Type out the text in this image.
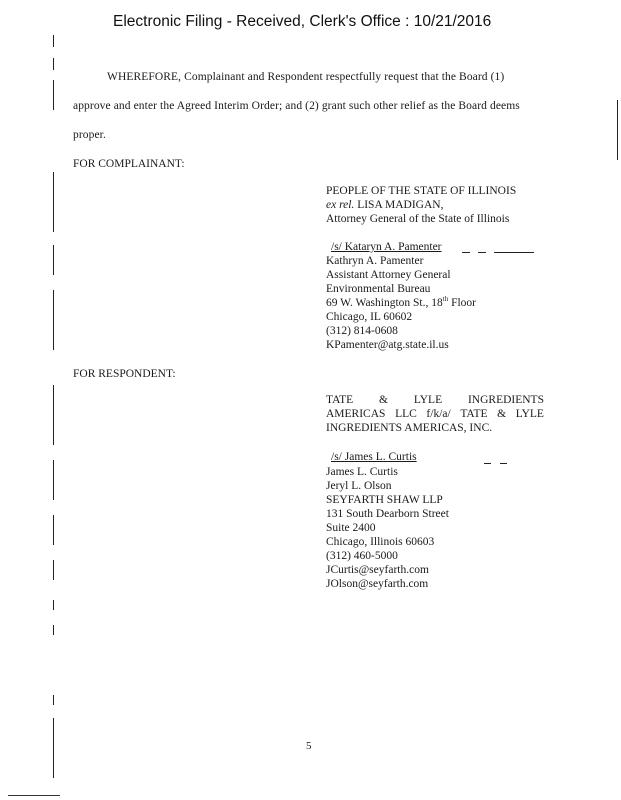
Electronic Filing - Received, Clerk's Office : 10/21/2016
WHEREFORE, Complainant and Respondent respectfully request that the Board (1)
approve and enter the Agreed Interim Order; and (2) grant such other relief as the Board deems
proper.
FOR COMPLAINANT:
PEOPLE OF THE STATE OF ILLINOIS
ex rel. LISA MADIGAN,
Attorney General of the State of Illinois
/s/ Kataryn A. Pamenter
Kathryn A. Pamenter
Assistant Attorney General
Environmental Bureau
69 W. Washington St., 18th Floor
Chicago, IL 60602
(312) 814-0608
KPamenter@atg.state.il.us
FOR RESPONDENT:
TATE & LYLE INGREDIENTS
AMERICAS LLC f/k/a/ TATE & LYLE
INGREDIENTS AMERICAS, INC.
/s/ James L. Curtis
James L. Curtis
Jeryl L. Olson
SEYFARTH SHAW LLP
131 South Dearborn Street
Suite 2400
Chicago, Illinois 60603
(312) 460-5000
JCurtis@seyfarth.com
JOlson@seyfarth.com
5
